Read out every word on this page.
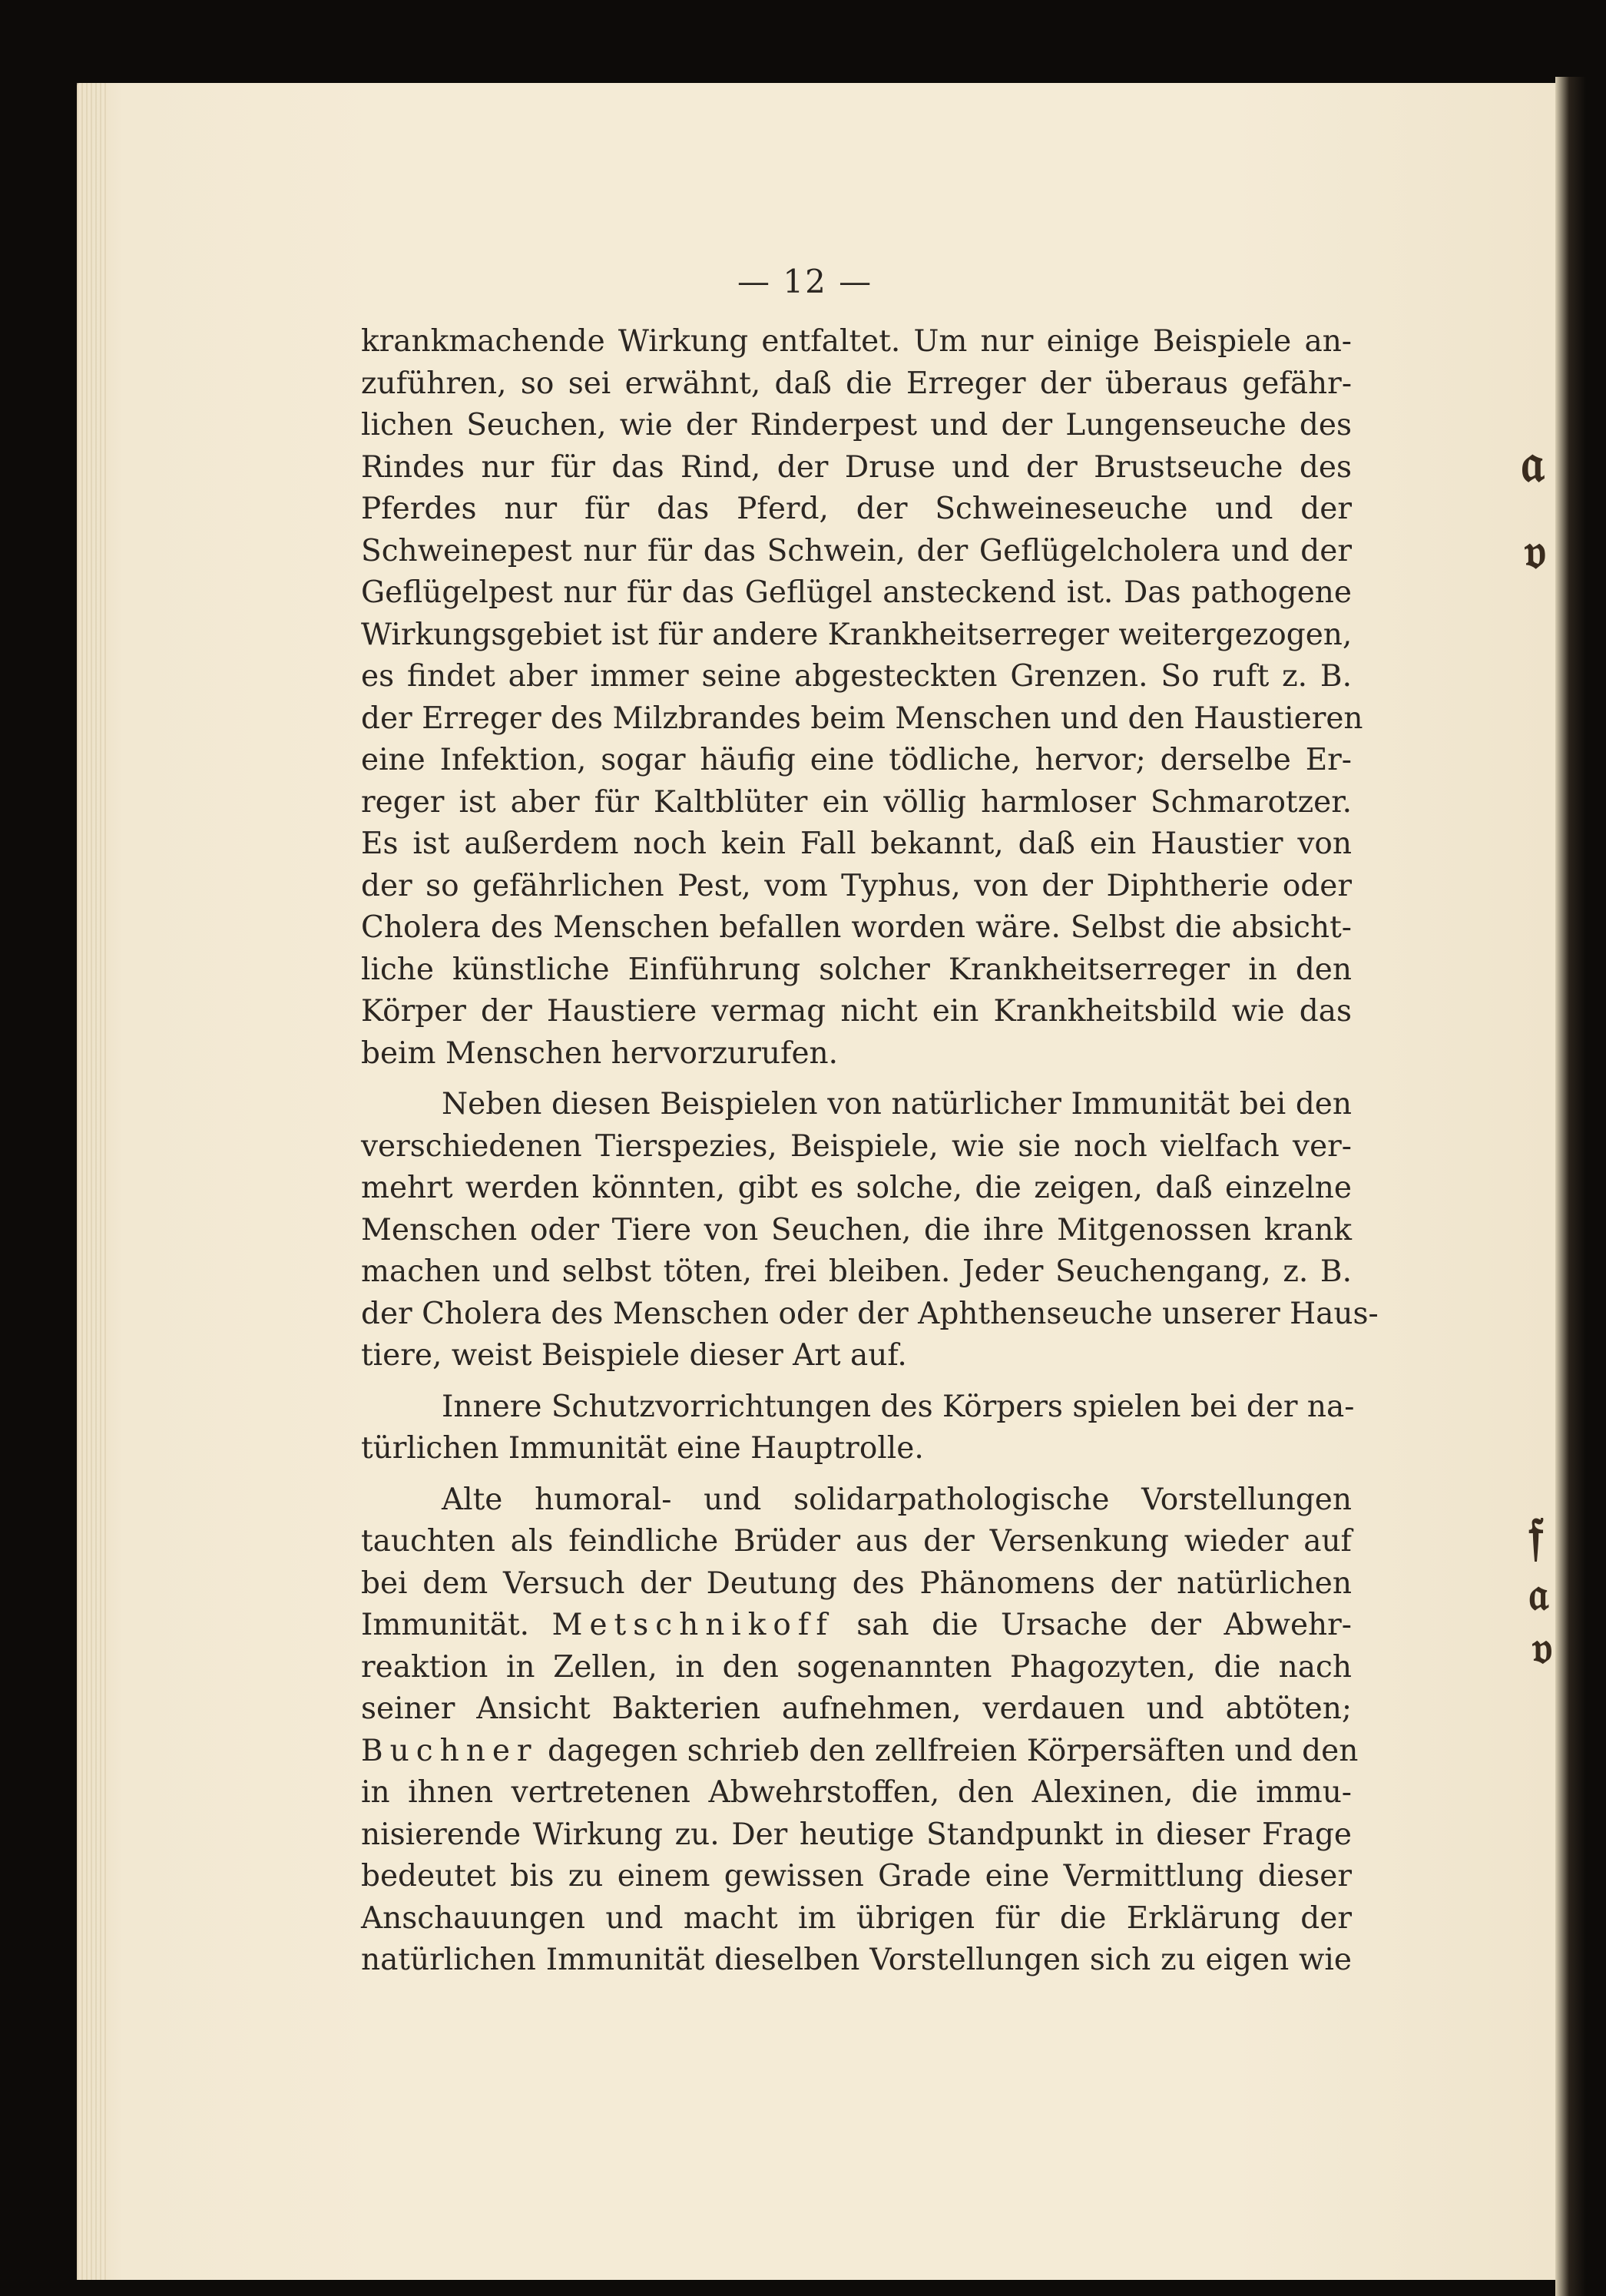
— 12 —
krankmachende Wirkung entfaltet. Um nur einige Beispiele an-
zuführen, so sei erwähnt, daß die Erreger der überaus gefähr-
lichen Seuchen, wie der Rinderpest und der Lungenseuche des
Rindes nur für das Rind, der Druse und der Brustseuche des
Pferdes nur für das Pferd, der Schweineseuche und der
Schweinepest nur für das Schwein, der Geflügelcholera und der
Geflügelpest nur für das Geflügel ansteckend ist. Das pathogene
Wirkungsgebiet ist für andere Krankheitserreger weitergezogen,
es findet aber immer seine abgesteckten Grenzen. So ruft z. B.
der Erreger des Milzbrandes beim Menschen und den Haustieren
eine Infektion, sogar häufig eine tödliche, hervor; derselbe Er-
reger ist aber für Kaltblüter ein völlig harmloser Schmarotzer.
Es ist außerdem noch kein Fall bekannt, daß ein Haustier von
der so gefährlichen Pest, vom Typhus, von der Diphtherie oder
Cholera des Menschen befallen worden wäre. Selbst die absicht-
liche künstliche Einführung solcher Krankheitserreger in den
Körper der Haustiere vermag nicht ein Krankheitsbild wie das
beim Menschen hervorzurufen.
Neben diesen Beispielen von natürlicher Immunität bei den
verschiedenen Tierspezies, Beispiele, wie sie noch vielfach ver-
mehrt werden könnten, gibt es solche, die zeigen, daß einzelne
Menschen oder Tiere von Seuchen, die ihre Mitgenossen krank
machen und selbst töten, frei bleiben. Jeder Seuchengang, z. B.
der Cholera des Menschen oder der Aphthenseuche unserer Haus-
tiere, weist Beispiele dieser Art auf.
Innere Schutzvorrichtungen des Körpers spielen bei der na-
türlichen Immunität eine Hauptrolle.
Alte humoral- und solidarpathologische Vorstellungen
tauchten als feindliche Brüder aus der Versenkung wieder auf
bei dem Versuch der Deutung des Phänomens der natürlichen
Immunität. Metschnikoff sah die Ursache der Abwehr-
reaktion in Zellen, in den sogenannten Phagozyten, die nach
seiner Ansicht Bakterien aufnehmen, verdauen und abtöten;
Buchner dagegen schrieb den zellfreien Körpersäften und den
in ihnen vertretenen Abwehrstoffen, den Alexinen, die immu-
nisierende Wirkung zu. Der heutige Standpunkt in dieser Frage
bedeutet bis zu einem gewissen Grade eine Vermittlung dieser
Anschauungen und macht im übrigen für die Erklärung der
natürlichen Immunität dieselben Vorstellungen sich zu eigen wie
𝔞
𝔳
𝔣
𝔞
𝔳
